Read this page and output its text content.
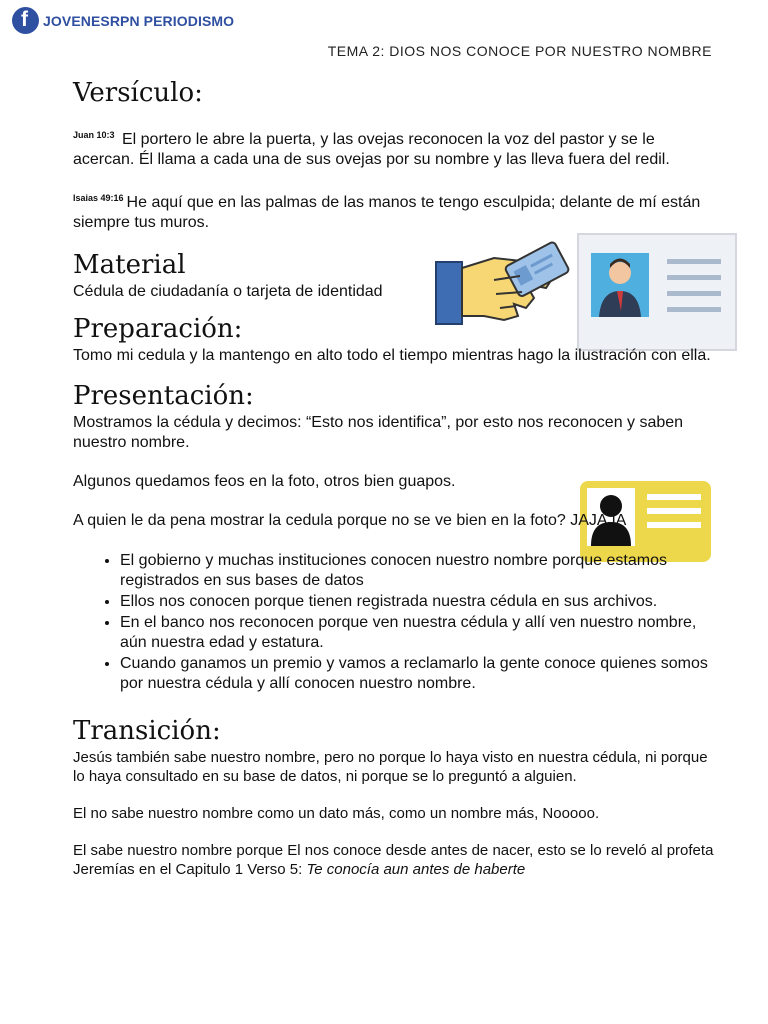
f JOVENESRPN PERIODISMO
TEMA 2: DIOS NOS CONOCE POR NUESTRO NOMBRE
Versículo:

$^{Juan 10:3}$ El portero le abre la puerta, y las ovejas reconocen la voz del pastor y se le acercan. Él llama a cada una de sus ovejas por su nombre y las lleva fuera del redil.

$^{Isaias 49:16}$ He aquí que en las palmas de las manos te tengo esculpida; delante de mí están siempre tus muros.

Material

Cédula de ciudadanía o tarjeta de identidad

Preparación:

Tomo mi cedula y la mantengo en alto todo el tiempo mientras hago la ilustración con ella.

Presentación:

Mostramos la cédula y decimos: “Esto nos identifica”, por esto nos reconocen y saben nuestro nombre.

Algunos quedamos feos en la foto, otros bien guapos.

A quien le da pena mostrar la cedula porque no se ve bien en la foto? JAJAJA

• El gobierno y muchas instituciones conocen nuestro nombre porque estamos registrados en sus bases de datos
• Ellos nos conocen porque tienen registrada nuestra cédula en sus archivos.
• En el banco nos reconocen porque ven nuestra cédula y allí ven nuestro nombre, aún nuestra edad y estatura.
• Cuando ganamos un premio y vamos a reclamarlo la gente conoce quienes somos por nuestra cédula y allí conocen nuestro nombre.
Transición:

Jesús también sabe nuestro nombre, pero no porque lo haya visto en nuestra cédula, ni porque lo haya consultado en su base de datos, ni porque se lo preguntó a alguien.

El no sabe nuestro nombre como un dato más, como un nombre más, Nooooo.

El sabe nuestro nombre porque El nos conoce desde antes de nacer, esto se lo reveló al profeta Jeremías en el Capitulo 1 Verso 5: Te conocía aun antes de haberte
